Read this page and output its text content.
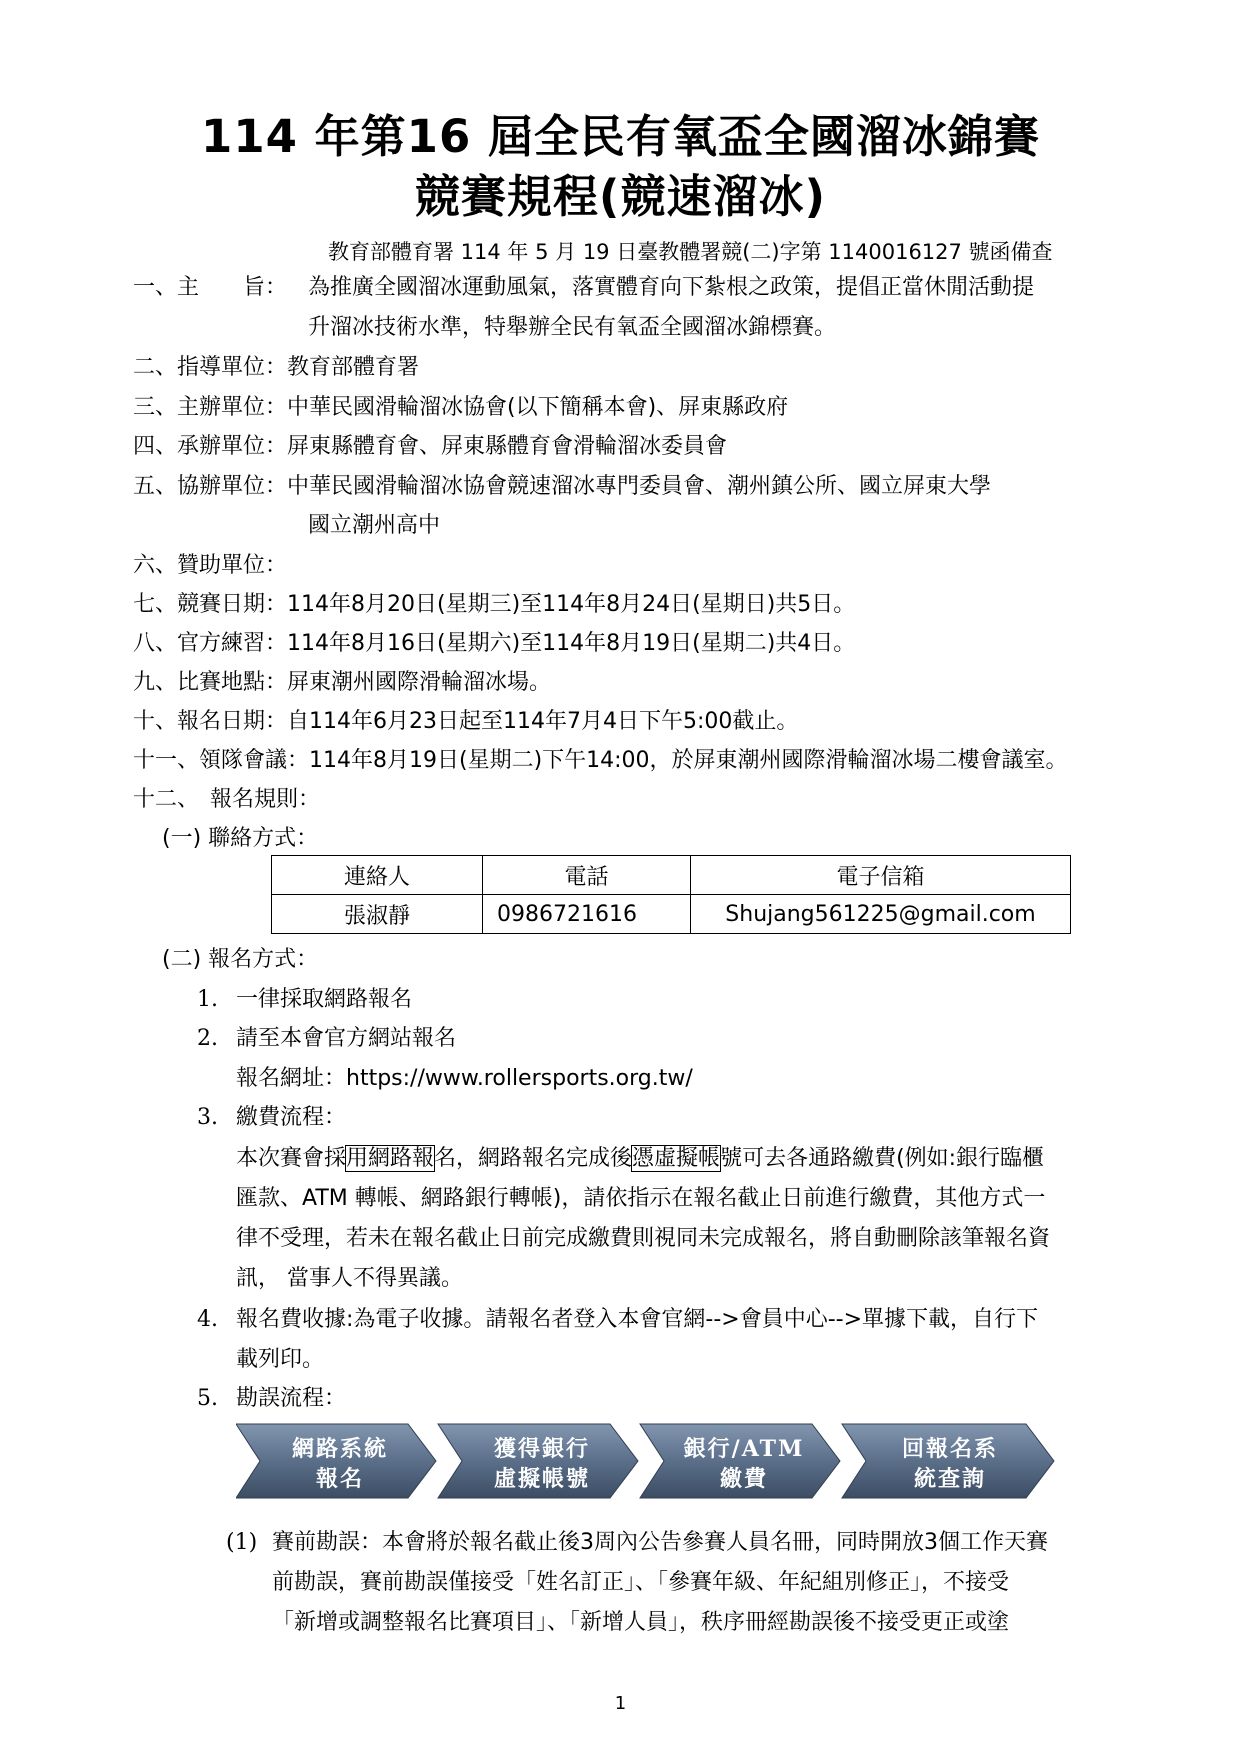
114 年第16 屆全民有氧盃全國溜冰錦賽
競賽規程(競速溜冰)
教育部體育署 114 年 5 月 19 日臺教體署競(二)字第 1140016127 號函備查
一、主　　旨： 為推廣全國溜冰運動風氣，落實體育向下紮根之政策，提倡正當休閒活動提
升溜冰技術水準，特舉辦全民有氧盃全國溜冰錦標賽。
二、指導單位：教育部體育署
三、主辦單位：中華民國滑輪溜冰協會(以下簡稱本會)、屏東縣政府
四、承辦單位：屏東縣體育會、屏東縣體育會滑輪溜冰委員會
五、協辦單位：中華民國滑輪溜冰協會競速溜冰專門委員會、潮州鎮公所、國立屏東大學
國立潮州高中
六、贊助單位：
七、競賽日期：114年8月20日(星期三)至114年8月24日(星期日)共5日。
八、官方練習：114年8月16日(星期六)至114年8月19日(星期二)共4日。
九、比賽地點：屏東潮州國際滑輪溜冰場。
十、報名日期：自114年6月23日起至114年7月4日下午5:00截止。
十一、領隊會議：114年8月19日(星期二)下午14:00，於屏東潮州國際滑輪溜冰場二樓會議室。
十二、　報名規則：
(一) 聯絡方式：
連絡人	電話	電子信箱
張淑靜	0986721616	Shujang561225@gmail.com
(二) 報名方式：
1. 一律採取網路報名
2. 請至本會官方網站報名
報名網址：https://www.rollersports.org.tw/
3. 繳費流程：
本次賽會採用網路報名，網路報名完成後憑虛擬帳號可去各通路繳費(例如:銀行臨櫃
匯款、ATM 轉帳、網路銀行轉帳)，請依指示在報名截止日前進行繳費，其他方式一
律不受理，若未在報名截止日前完成繳費則視同未完成報名，將自動刪除該筆報名資
訊， 當事人不得異議。
4. 報名費收據:為電子收據。請報名者登入本會官網-->會員中心-->單據下載，自行下
載列印。
5. 勘誤流程：
網路系統
報名
獲得銀行
虛擬帳號
銀行/ATM
繳費
回報名系
統查詢
(1) 賽前勘誤：本會將於報名截止後3周內公告參賽人員名冊，同時開放3個工作天賽
前勘誤，賽前勘誤僅接受「姓名訂正」、「參賽年級、年紀組別修正」，不接受
「新增或調整報名比賽項目」、「新增人員」，秩序冊經勘誤後不接受更正或塗
1
